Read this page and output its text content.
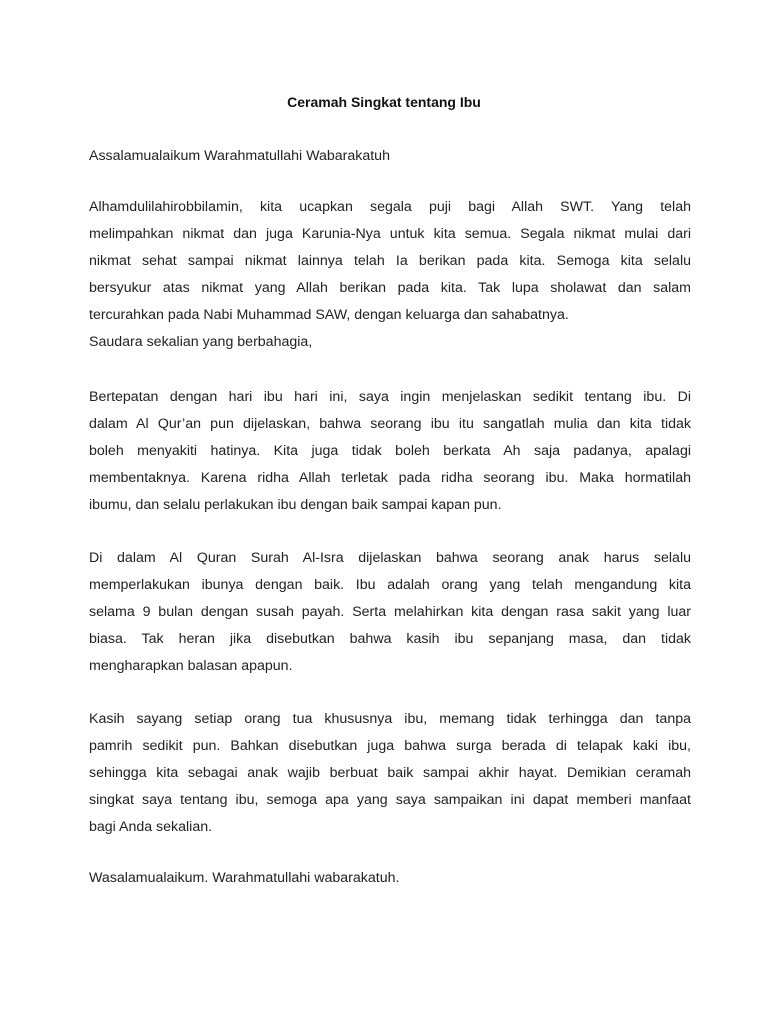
Ceramah Singkat tentang Ibu
Assalamualaikum Warahmatullahi Wabarakatuh
Alhamdulilahirobbilamin, kita ucapkan segala puji bagi Allah SWT. Yang telah
melimpahkan nikmat dan juga Karunia-Nya untuk kita semua. Segala nikmat mulai dari
nikmat sehat sampai nikmat lainnya telah Ia berikan pada kita. Semoga kita selalu
bersyukur atas nikmat yang Allah berikan pada kita. Tak lupa sholawat dan salam
tercurahkan pada Nabi Muhammad SAW, dengan keluarga dan sahabatnya.
Saudara sekalian yang berbahagia,
Bertepatan dengan hari ibu hari ini, saya ingin menjelaskan sedikit tentang ibu. Di
dalam Al Qur’an pun dijelaskan, bahwa seorang ibu itu sangatlah mulia dan kita tidak
boleh menyakiti hatinya. Kita juga tidak boleh berkata Ah saja padanya, apalagi
membentaknya. Karena ridha Allah terletak pada ridha seorang ibu. Maka hormatilah
ibumu, dan selalu perlakukan ibu dengan baik sampai kapan pun.
Di dalam Al Quran Surah Al-Isra dijelaskan bahwa seorang anak harus selalu
memperlakukan ibunya dengan baik. Ibu adalah orang yang telah mengandung kita
selama 9 bulan dengan susah payah. Serta melahirkan kita dengan rasa sakit yang luar
biasa. Tak heran jika disebutkan bahwa kasih ibu sepanjang masa, dan tidak
mengharapkan balasan apapun.
Kasih sayang setiap orang tua khususnya ibu, memang tidak terhingga dan tanpa
pamrih sedikit pun. Bahkan disebutkan juga bahwa surga berada di telapak kaki ibu,
sehingga kita sebagai anak wajib berbuat baik sampai akhir hayat. Demikian ceramah
singkat saya tentang ibu, semoga apa yang saya sampaikan ini dapat memberi manfaat
bagi Anda sekalian.
Wasalamualaikum. Warahmatullahi wabarakatuh.
